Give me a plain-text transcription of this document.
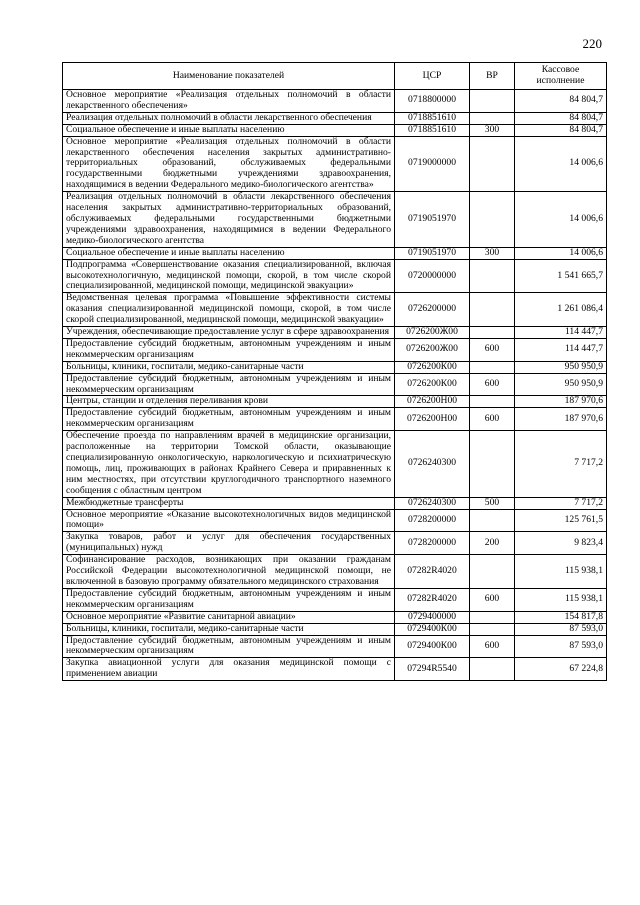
220
Наименование показателей	ЦСР	ВР	Кассовое исполнение
Основное мероприятие «Реализация отдельных полномочий в области лекарственного обеспечения»	0718800000		84 804,7
Реализация отдельных полномочий в области лекарственного обеспечения	0718851610		84 804,7
Социальное обеспечение и иные выплаты населению	0718851610	300	84 804,7
Основное мероприятие «Реализация отдельных полномочий в области лекарственного обеспечения населения закрытых административно-территориальных образований, обслуживаемых федеральными государственными бюджетными учреждениями здравоохранения, находящимися в ведении Федерального медико-биологического агентства»	0719000000		14 006,6
Реализация отдельных полномочий в области лекарственного обеспечения населения закрытых административно-территориальных образований, обслуживаемых федеральными государственными бюджетными учреждениями здравоохранения, находящимися в ведении Федерального медико-биологического агентства	0719051970		14 006,6
Социальное обеспечение и иные выплаты населению	0719051970	300	14 006,6
Подпрограмма «Совершенствование оказания специализированной, включая высокотехнологичную, медицинской помощи, скорой, в том числе скорой специализированной, медицинской помощи, медицинской эвакуации»	0720000000		1 541 665,7
Ведомственная целевая программа «Повышение эффективности системы оказания специализированной медицинской помощи, скорой, в том числе скорой специализированной, медицинской помощи, медицинской эвакуации»	0726200000		1 261 086,4
Учреждения, обеспечивающие предоставление услуг в сфере здравоохранения	0726200Ж00		114 447,7
Предоставление субсидий бюджетным, автономным учреждениям и иным некоммерческим организациям	0726200Ж00	600	114 447,7
Больницы, клиники, госпитали, медико-санитарные части	0726200К00		950 950,9
Предоставление субсидий бюджетным, автономным учреждениям и иным некоммерческим организациям	0726200К00	600	950 950,9
Центры, станции и отделения переливания крови	0726200Н00		187 970,6
Предоставление субсидий бюджетным, автономным учреждениям и иным некоммерческим организациям	0726200Н00	600	187 970,6
Обеспечение проезда по направлениям врачей в медицинские организации, расположенные на территории Томской области, оказывающие специализированную онкологическую, наркологическую и психиатрическую помощь, лиц, проживающих в районах Крайнего Севера и приравненных к ним местностях, при отсутствии круглогодичного транспортного наземного сообщения с областным центром	0726240300		7 717,2
Межбюджетные трансферты	0726240300	500	7 717,2
Основное мероприятие «Оказание высокотехнологичных видов медицинской помощи»	0728200000		125 761,5
Закупка товаров, работ и услуг для обеспечения государственных (муниципальных) нужд	0728200000	200	9 823,4
Софинансирование расходов, возникающих при оказании гражданам Российской Федерации высокотехнологичной медицинской помощи, не включенной в базовую программу обязательного медицинского страхования	07282R4020		115 938,1
Предоставление субсидий бюджетным, автономным учреждениям и иным некоммерческим организациям	07282R4020	600	115 938,1
Основное мероприятие «Развитие санитарной авиации»	0729400000		154 817,8
Больницы, клиники, госпитали, медико-санитарные части	0729400К00		87 593,0
Предоставление субсидий бюджетным, автономным учреждениям и иным некоммерческим организациям	0729400К00	600	87 593,0
Закупка авиационной услуги для оказания медицинской помощи с применением авиации	07294R5540		67 224,8
